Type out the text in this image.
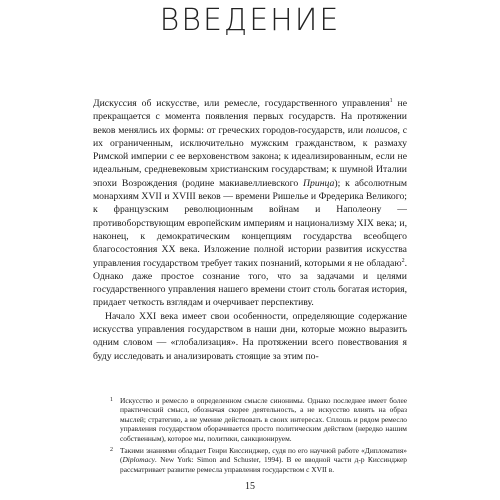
ВВЕДЕНИЕ

Дискуссия об искусстве, или ремесле, государственного управления$^1$ не прекращается с момента появления первых государств. На протяжении веков менялись их формы: от греческих городов-государств, или полисов, с их ограниченным, исключительно мужским гражданством, к размаху Римской империи с ее верховенством закона; к идеализированным, если не идеальным, средневековым христианским государствам; к шумной Италии эпохи Возрождения (родине макиавеллиевского Принца); к абсолютным монархиям XVII и XVIII веков — времени Ришелье и Фредерика Великого; к французским революционным войнам и Наполеону — противоборствующим европейским империям и национализму XIX века; и, наконец, к демократическим концепциям государства всеобщего благосостояния XX века. Изложение полной истории развития искусства управления государством требует таких познаний, которыми я не обладаю$^2$. Однако даже простое сознание того, что за задачами и целями государственного управления нашего времени стоит столь богатая история, придает четкость взглядам и очерчивает перспективу.

Начало XXI века имеет свои особенности, определяющие содержание искусства управления государством в наши дни, которые можно выразить одним словом — «глобализация». На протяжении всего повествования я буду исследовать и анализировать стоящие за этим по-

1 Искусство и ремесло в определенном смысле синонимы. Однако последнее имеет более практический смысл, обозначая скорее деятельность, а не искусство влиять на образ мыслей; стратегию, а не умение действовать в своих интересах. Сплошь и рядом ремесло управления государством оборачивается просто политическим действом (нередко нашим собственным), которое мы, политики, санкционируем.
2 Такими знаниями обладает Генри Киссинджер, судя по его научной работе «Дипломатия» (Diplomacy. New York: Simon and Schuster, 1994). В ее вводной части д-р Киссинджер рассматривает развитие ремесла управления государством с XVII в.
15
